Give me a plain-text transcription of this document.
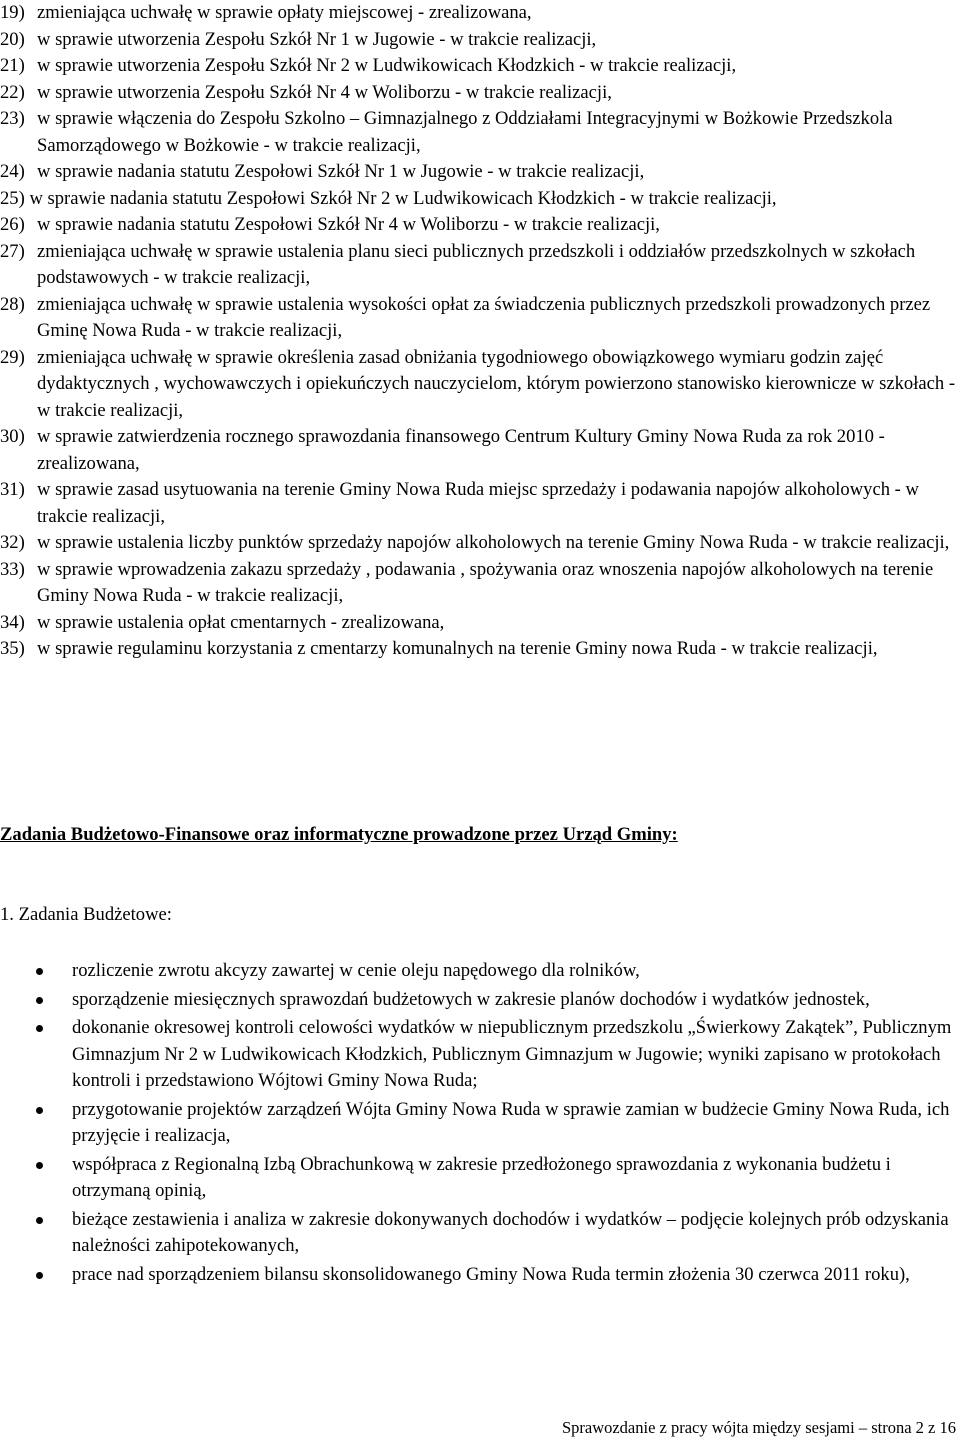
19) zmieniająca uchwałę w sprawie opłaty miejscowej - zrealizowana,
20) w sprawie utworzenia Zespołu Szkół Nr 1 w Jugowie - w trakcie realizacji,
21) w sprawie utworzenia Zespołu Szkół Nr 2 w Ludwikowicach Kłodzkich - w trakcie realizacji,
22) w sprawie utworzenia Zespołu Szkół Nr 4 w Woliborzu - w trakcie realizacji,
23) w sprawie włączenia do Zespołu Szkolno – Gimnazjalnego z Oddziałami Integracyjnymi w Bożkowie Przedszkola Samorządowego w Bożkowie - w trakcie realizacji,
24) w sprawie nadania statutu Zespołowi Szkół Nr 1 w Jugowie - w trakcie realizacji,
25) w sprawie nadania statutu Zespołowi Szkół Nr 2 w Ludwikowicach Kłodzkich - w trakcie realizacji,
26) w sprawie nadania statutu Zespołowi Szkół Nr 4 w Woliborzu - w trakcie realizacji,
27) zmieniająca uchwałę w sprawie ustalenia planu sieci publicznych przedszkoli i oddziałów przedszkolnych w szkołach podstawowych - w trakcie realizacji,
28) zmieniająca uchwałę w sprawie ustalenia wysokości opłat za świadczenia publicznych przedszkoli prowadzonych przez Gminę Nowa Ruda - w trakcie realizacji,
29) zmieniająca uchwałę w sprawie określenia zasad obniżania tygodniowego obowiązkowego wymiaru godzin zajęć dydaktycznych , wychowawczych i opiekuńczych nauczycielom, którym powierzono stanowisko kierownicze w szkołach - w trakcie realizacji,
30) w sprawie zatwierdzenia rocznego sprawozdania finansowego Centrum Kultury Gminy Nowa Ruda za rok 2010 - zrealizowana,
31) w sprawie zasad usytuowania na terenie Gminy Nowa Ruda miejsc sprzedaży i podawania napojów alkoholowych - w trakcie realizacji,
32) w sprawie ustalenia liczby punktów sprzedaży napojów alkoholowych na terenie Gminy Nowa Ruda - w trakcie realizacji,
33) w sprawie wprowadzenia zakazu sprzedaży , podawania , spożywania oraz wnoszenia napojów alkoholowych na terenie Gminy Nowa Ruda - w trakcie realizacji,
34) w sprawie ustalenia opłat cmentarnych - zrealizowana,
35) w sprawie regulaminu korzystania z cmentarzy komunalnych na terenie Gminy nowa Ruda - w trakcie realizacji,
Zadania Budżetowo-Finansowe oraz informatyczne prowadzone przez Urząd Gminy:
1. Zadania Budżetowe:
rozliczenie zwrotu akcyzy zawartej w cenie oleju napędowego dla rolników,
sporządzenie miesięcznych sprawozdań budżetowych w zakresie planów dochodów i wydatków jednostek,
dokonanie okresowej kontroli celowości wydatków w niepublicznym przedszkolu „Świerkowy Zakątek”, Publicznym Gimnazjum Nr 2 w Ludwikowicach Kłodzkich, Publicznym Gimnazjum w Jugowie; wyniki zapisano w protokołach kontroli i przedstawiono Wójtowi Gminy Nowa Ruda;
przygotowanie projektów zarządzeń Wójta Gminy Nowa Ruda w sprawie zamian w budżecie Gminy Nowa Ruda, ich przyjęcie i realizacja,
współpraca z Regionalną Izbą Obrachunkową w zakresie przedłożonego sprawozdania z wykonania budżetu i otrzymaną opinią,
bieżące zestawienia i analiza w zakresie dokonywanych dochodów i wydatków – podjęcie kolejnych prób odzyskania należności zahipotekowanych,
prace nad sporządzeniem bilansu skonsolidowanego Gminy Nowa Ruda termin złożenia 30 czerwca 2011 roku),
Sprawozdanie z pracy wójta między sesjami – strona 2 z 16
